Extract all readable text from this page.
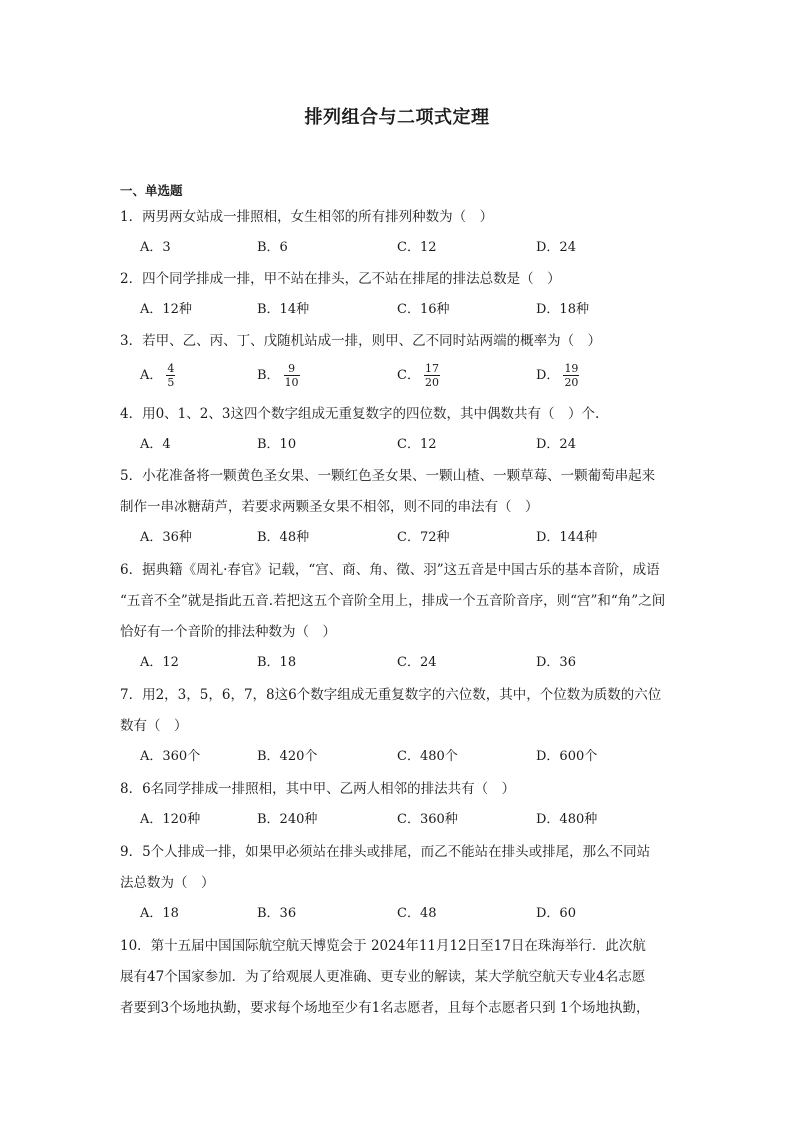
排列组合与二项式定理
一、单选题
1．两男两女站成一排照相，女生相邻的所有排列种数为（　）
A．3	B．6	C．12	D．24
2．四个同学排成一排，甲不站在排头，乙不站在排尾的排法总数是（　）
A．12种	B．14种	C．16种	D．18种
3．若甲、乙、丙、丁、戊随机站成一排，则甲、乙不同时站两端的概率为（　）
A． $\frac{4}{5}$	B． $\frac{9}{10}$	C． $\frac{17}{20}$	D． $\frac{19}{20}$
4．用0、1、2、3这四个数字组成无重复数字的四位数，其中偶数共有（　）个.
A．4	B．10	C．12	D．24
5．小花准备将一颗黄色圣女果、一颗红色圣女果、一颗山楂、一颗草莓、一颗葡萄串起来
制作一串冰糖葫芦，若要求两颗圣女果不相邻，则不同的串法有（　）
A．36种	B．48种	C．72种	D．144种
6．据典籍《周礼·春官》记载，“宫、商、角、徵、羽”这五音是中国古乐的基本音阶，成语
“五音不全”就是指此五音.若把这五个音阶全用上，排成一个五音阶音序，则“宫”和“角”之间
恰好有一个音阶的排法种数为（　）
A．12	B．18	C．24	D．36
7．用2，3，5，6，7，8这6个数字组成无重复数字的六位数，其中，个位数为质数的六位
数有（　）
A．360个	B．420个	C．480个	D．600个
8．6名同学排成一排照相，其中甲、乙两人相邻的排法共有（　）
A．120种	B．240种	C．360种	D．480种
9．5个人排成一排，如果甲必须站在排头或排尾，而乙不能站在排头或排尾，那么不同站
法总数为（　）
A．18	B．36	C．48	D．60
10．第十五届中国国际航空航天博览会于 2024年11月12日至17日在珠海举行．此次航
展有47个国家参加．为了给观展人更准确、更专业的解读，某大学航空航天专业4名志愿
者要到3个场地执勤，要求每个场地至少有1名志愿者，且每个志愿者只到 1个场地执勤，
